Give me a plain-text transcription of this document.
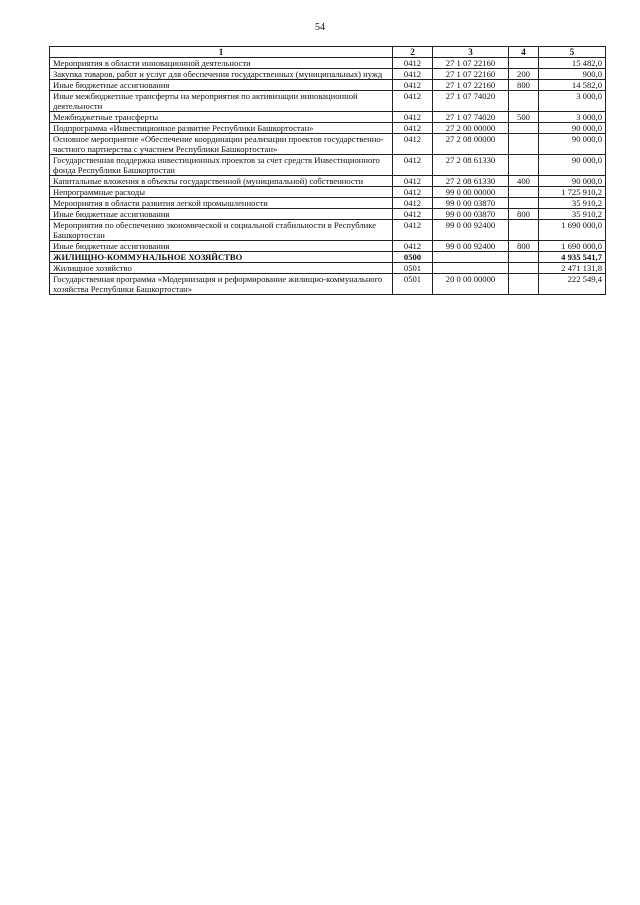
54
1	2	3	4	5
Мероприятия в области инновационной деятельности	0412	27 1 07 22160		15 482,0
Закупка товаров, работ и услуг для обеспечения государственных (муниципальных) нужд	0412	27 1 07 22160	200	900,0
Иные бюджетные ассигнования	0412	27 1 07 22160	800	14 582,0
Иные межбюджетные трансферты на мероприятия по активизации инновационной деятельности	0412	27 1 07 74020		3 000,0
Межбюджетные трансферты	0412	27 1 07 74020	500	3 000,0
Подпрограмма «Инвестиционное развитие Республики Башкортостан»	0412	27 2 00 00000		90 000,0
Основное мероприятие «Обеспечение координации реализации проектов государственно-частного партнерства с участием Республики Башкортостан»	0412	27 2 08 00000		90 000,0
Государственная поддержка инвестиционных проектов за счет средств Инвестиционного фонда Республики Башкортостан	0412	27 2 08 61330		90 000,0
Капитальные вложения в объекты государственной (муниципальной) собственности	0412	27 2 08 61330	400	90 000,0
Непрограммные расходы	0412	99 0 00 00000		1 725 910,2
Мероприятия в области развития легкой промышленности	0412	99 0 00 03870		35 910,2
Иные бюджетные ассигнования	0412	99 0 00 03870	800	35 910,2
Мероприятия по обеспечению экономической и социальной стабильности в Республике Башкортостан	0412	99 0 00 92400		1 690 000,0
Иные бюджетные ассигнования	0412	99 0 00 92400	800	1 690 000,0
ЖИЛИЩНО-КОММУНАЛЬНОЕ ХОЗЯЙСТВО	0500			4 935 541,7
Жилищное хозяйство	0501			2 471 131,8
Государственная программа «Модернизация и реформирование жилищно-коммунального хозяйства Республики Башкортостан»	0501	20 0 00 00000		222 549,4
